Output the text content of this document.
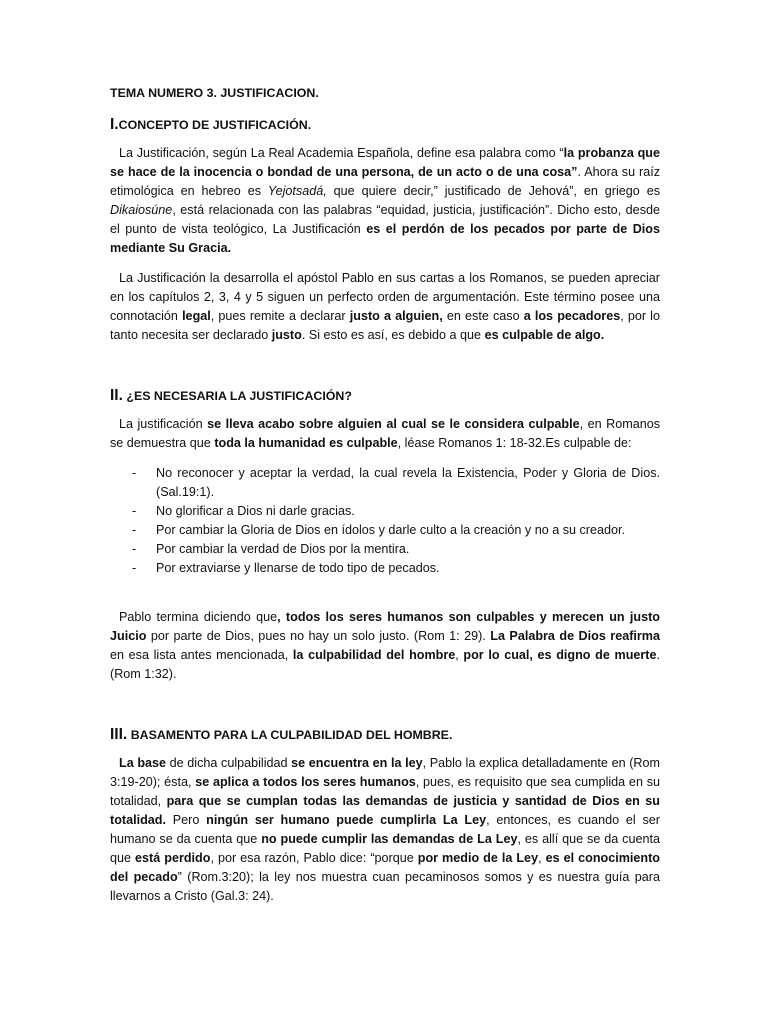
TEMA NUMERO 3. JUSTIFICACION.

I.CONCEPTO DE JUSTIFICACIÓN.

La Justificación, según La Real Academia Española, define esa palabra como “la probanza que se hace de la inocencia o bondad de una persona, de un acto o de una cosa”. Ahora su raíz etimológica en hebreo es Yejotsadá, que quiere decir,” justificado de Jehová”, en griego es Dikaiosúne, está relacionada con las palabras “equidad, justicia, justificación”. Dicho esto, desde el punto de vista teológico, La Justificación es el perdón de los pecados por parte de Dios mediante Su Gracia.

La Justificación la desarrolla el apóstol Pablo en sus cartas a los Romanos, se pueden apreciar en los capítulos 2, 3, 4 y 5 siguen un perfecto orden de argumentación. Este término posee una connotación legal, pues remite a declarar justo a alguien, en este caso a los pecadores, por lo tanto necesita ser declarado justo. Si esto es así, es debido a que es culpable de algo.

II. ¿ES NECESARIA LA JUSTIFICACIÓN?

La justificación se lleva acabo sobre alguien al cual se le considera culpable, en Romanos se demuestra que toda la humanidad es culpable, léase Romanos 1: 18-32.Es culpable de:

- No reconocer y aceptar la verdad, la cual revela la Existencia, Poder y Gloria de Dios. (Sal.19:1).
- No glorificar a Dios ni darle gracias.
- Por cambiar la Gloria de Dios en ídolos y darle culto a la creación y no a su creador.
- Por cambiar la verdad de Dios por la mentira.
- Por extraviarse y llenarse de todo tipo de pecados.

Pablo termina diciendo que, todos los seres humanos son culpables y merecen un justo Juicio por parte de Dios, pues no hay un solo justo. (Rom 1: 29). La Palabra de Dios reafirma en esa lista antes mencionada, la culpabilidad del hombre, por lo cual, es digno de muerte. (Rom 1:32).

III. BASAMENTO PARA LA CULPABILIDAD DEL HOMBRE.

La base de dicha culpabilidad se encuentra en la ley, Pablo la explica detalladamente en (Rom 3:19-20); ésta, se aplica a todos los seres humanos, pues, es requisito que sea cumplida en su totalidad, para que se cumplan todas las demandas de justicia y santidad de Dios en su totalidad. Pero ningún ser humano puede cumplirla La Ley, entonces, es cuando el ser humano se da cuenta que no puede cumplir las demandas de La Ley, es allí que se da cuenta que está perdido, por esa razón, Pablo dice: “porque por medio de la Ley, es el conocimiento del pecado” (Rom.3:20); la ley nos muestra cuan pecaminosos somos y es nuestra guía para llevarnos a Cristo (Gal.3: 24).
